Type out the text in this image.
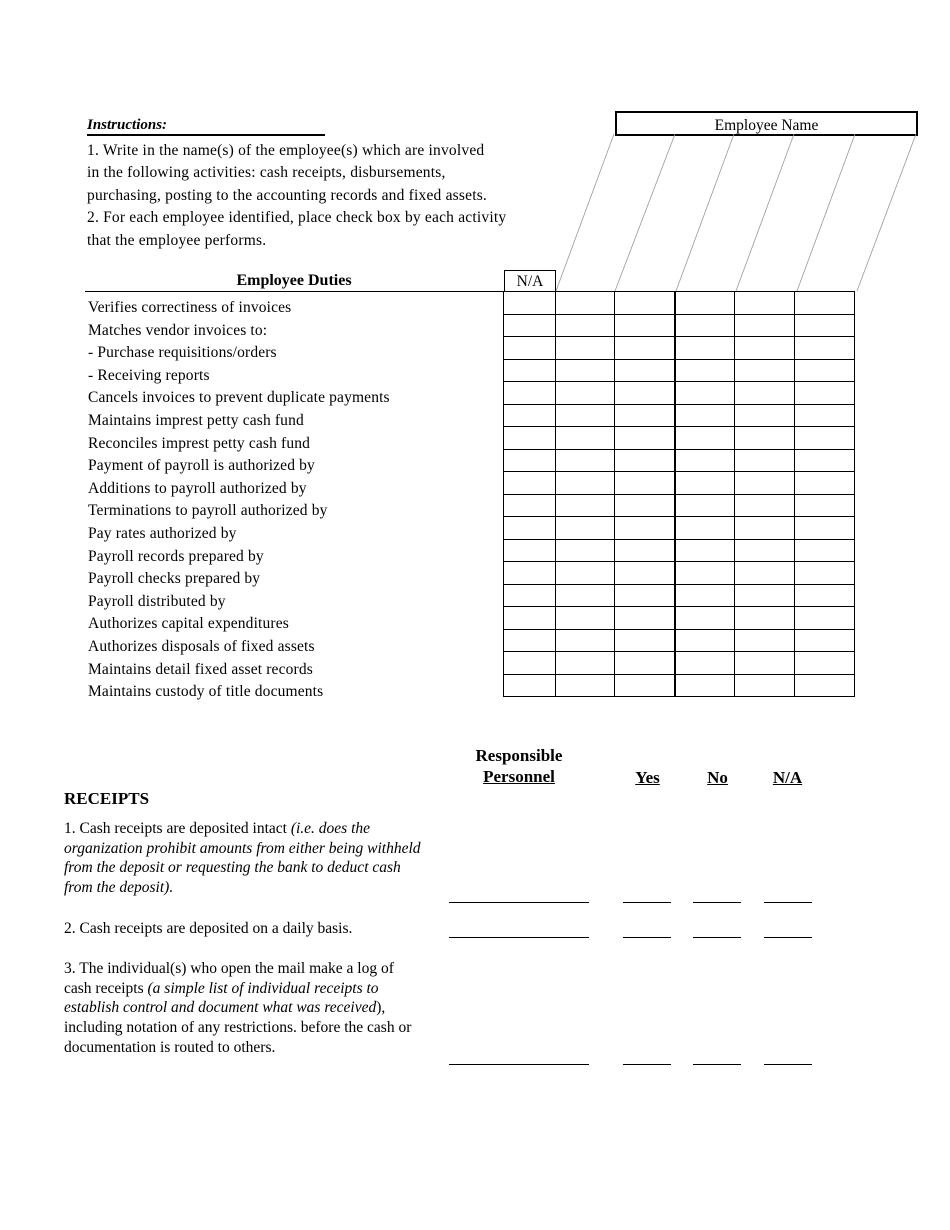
Instructions:
1. Write in the name(s) of the employee(s) which are involved
in the following activities: cash receipts, disbursements,
purchasing, posting to the accounting records and fixed assets.
2. For each employee identified, place check box by each activity
that the employee performs.
Employee Name
Employee Duties	N/A

Verifies correctiness of invoices
Matches vendor invoices to:
- Purchase requisitions/orders
- Receiving reports
Cancels invoices to prevent duplicate payments
Maintains imprest petty cash fund
Reconciles imprest petty cash fund
Payment of payroll is authorized by
Additions to payroll authorized by
Terminations to payroll authorized by
Pay rates authorized by
Payroll records prepared by
Payroll checks prepared by
Payroll distributed by
Authorizes capital expenditures
Authorizes disposals of fixed assets
Maintains detail fixed asset records
Maintains custody of title documents
Responsible
Personnel	Yes	No	N/A
RECEIPTS
1. Cash receipts are deposited intact (i.e. does the organization prohibit amounts from either being withheld from the deposit or requesting the bank to deduct cash from the deposit).
2. Cash receipts are deposited on a daily basis.
3. The individual(s) who open the mail make a log of cash receipts (a simple list of individual receipts to establish control and document what was received), including notation of any restrictions. before the cash or documentation is routed to others.
